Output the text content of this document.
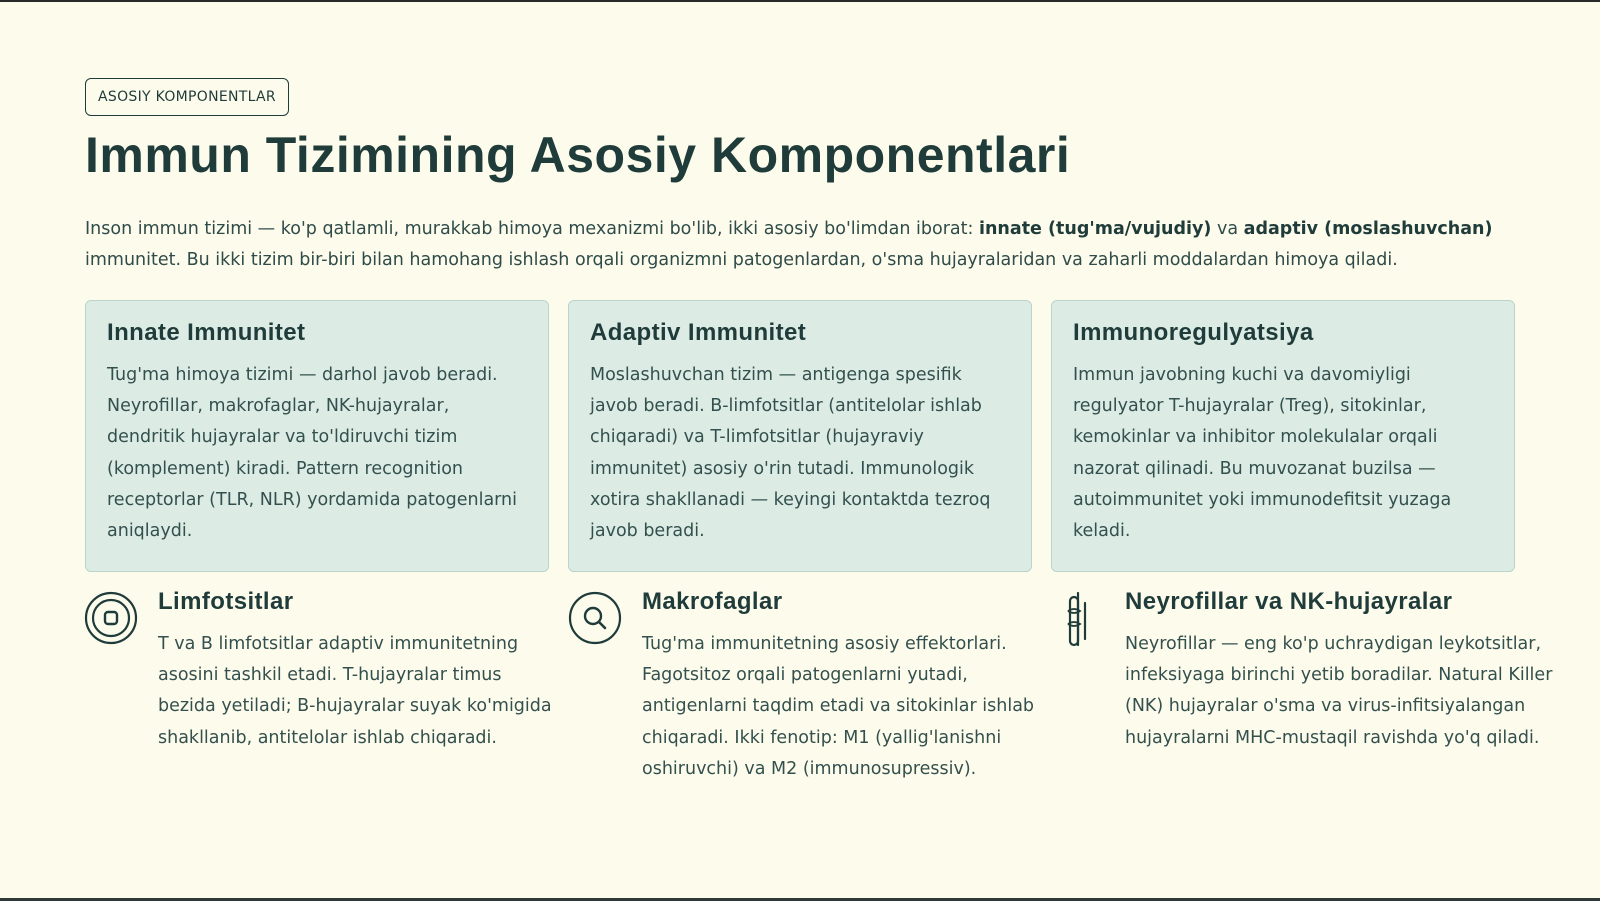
ASOSIY KOMPONENTLAR
Immun Tizimining Asosiy Komponentlari

Inson immun tizimi — ko'p qatlamli, murakkab himoya mexanizmi bo'lib, ikki asosiy bo'limdan iborat: innate (tug'ma/vujudiy) va adaptiv (moslashuvchan) immunitet. Bu ikki tizim bir-biri bilan hamohang ishlash orqali organizmni patogenlardan, o'sma hujayralaridan va zaharli moddalardan himoya qiladi.

Innate Immunitet

Tug'ma himoya tizimi — darhol javob beradi. Neyrofillar, makrofaglar, NK-hujayralar, dendritik hujayralar va to'ldiruvchi tizim (komplement) kiradi. Pattern recognition receptorlar (TLR, NLR) yordamida patogenlarni aniqlaydi.

Adaptiv Immunitet

Moslashuvchan tizim — antigenga spesifik javob beradi. B-limfotsitlar (antitelolar ishlab chiqaradi) va T-limfotsitlar (hujayraviy immunitet) asosiy o'rin tutadi. Immunologik xotira shakllanadi — keyingi kontaktda tezroq javob beradi.

Immunoregulyatsiya

Immun javobning kuchi va davomiyligi regulyator T-hujayralar (Treg), sitokinlar, kemokinlar va inhibitor molekulalar orqali nazorat qilinadi. Bu muvozanat buzilsa — autoimmunitet yoki immunodefitsit yuzaga keladi.

Limfotsitlar

T va B limfotsitlar adaptiv immunitetning asosini tashkil etadi. T-hujayralar timus bezida yetiladi; B-hujayralar suyak ko'migida shakllanib, antitelolar ishlab chiqaradi.

Makrofaglar

Tug'ma immunitetning asosiy effektorlari. Fagotsitoz orqali patogenlarni yutadi, antigenlarni taqdim etadi va sitokinlar ishlab chiqaradi. Ikki fenotip: M1 (yallig'lanishni oshiruvchi) va M2 (immunosupressiv).

Neyrofillar va NK-hujayralar

Neyrofillar — eng ko'p uchraydigan leykotsitlar, infeksiyaga birinchi yetib boradilar. Natural Killer (NK) hujayralar o'sma va virus-infitsiyalangan hujayralarni MHC-mustaqil ravishda yo'q qiladi.
